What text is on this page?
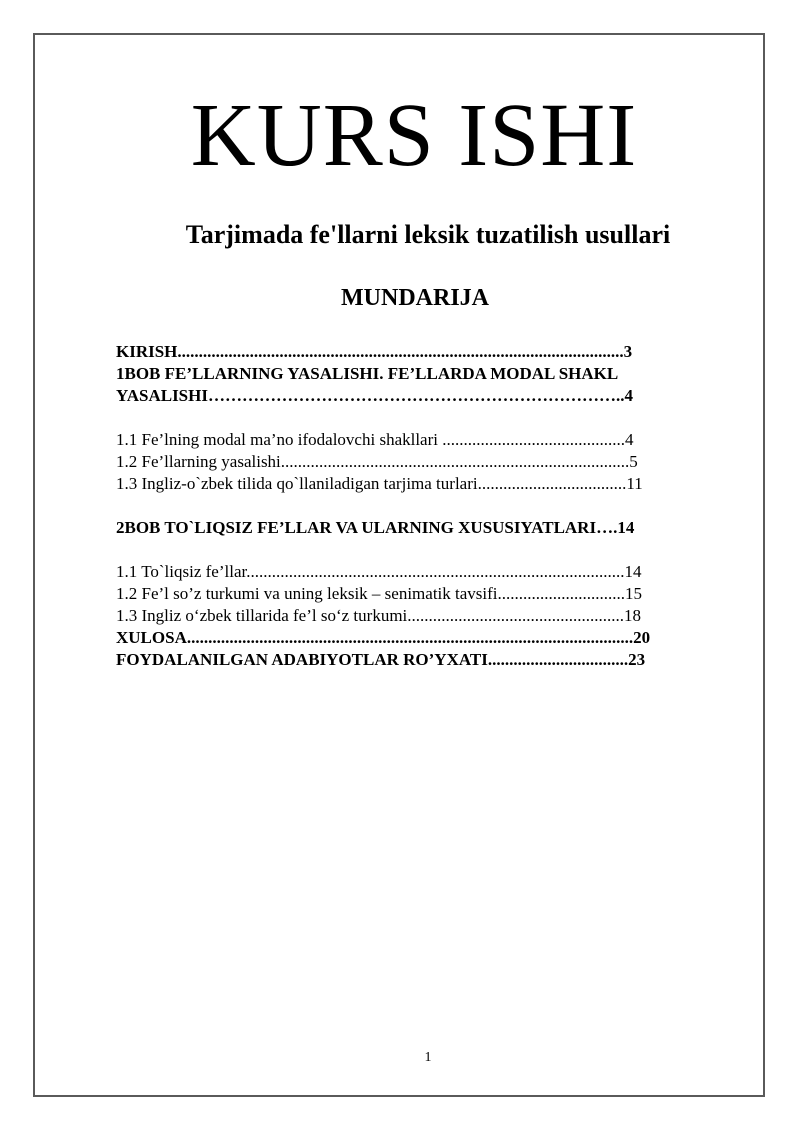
KURS ISHI
Tarjimada fe'llarni leksik tuzatilish usullari
MUNDARIJA
KIRISH.........................................................................................................3
1BOB FE’LLARNING YASALISHI. FE’LLARDA MODAL SHAKL
YASALISHI………………………………………………………………..4
1.1 Fe’lning modal ma’no ifodalovchi shakllari ...........................................4
1.2 Fe’llarning yasalishi..................................................................................5
1.3 Ingliz-o`zbek tilida qo`llaniladigan tarjima turlari...................................11
2BOB TO`LIQSIZ FE’LLAR VA ULARNING XUSUSIYATLARI….14
1.1 To`liqsiz fe’llar.........................................................................................14
1.2 Fe’l so’z turkumi va uning leksik – senimatik tavsifi..............................15
1.3 Ingliz o‘zbek tillarida fe’l so‘z turkumi...................................................18
XULOSA.........................................................................................................20
FOYDALANILGAN ADABIYOTLAR RO’YXATI.................................23
1
